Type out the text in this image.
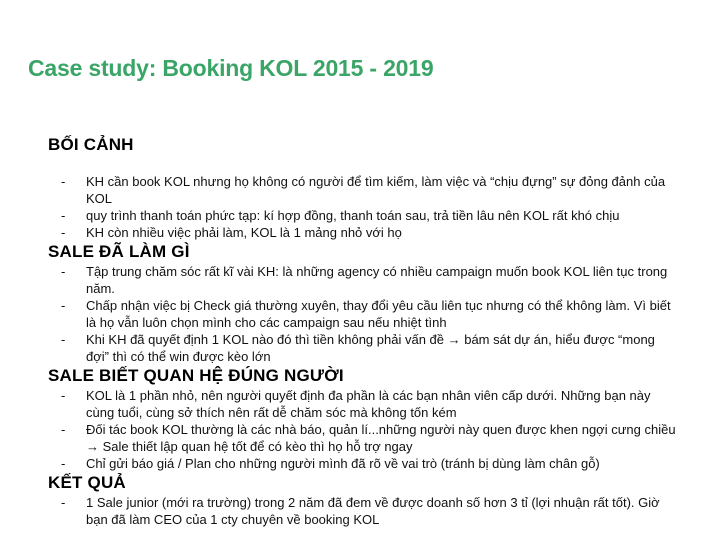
Case study: Booking KOL 2015 - 2019
BỐI CẢNH
- KH cần book KOL nhưng họ không có người để tìm kiếm, làm việc và “chịu đựng” sự đỏng đảnh của KOL
- quy trình thanh toán phức tạp: kí hợp đồng, thanh toán sau, trả tiền lâu nên KOL rất khó chịu
- KH còn nhiều việc phải làm, KOL là 1 mảng nhỏ với họ
SALE ĐÃ LÀM GÌ
- Tập trung chăm sóc rất kĩ vài KH: là những agency có nhiều campaign muốn book KOL liên tục trong năm.
- Chấp nhận việc bị Check giá thường xuyên, thay đổi yêu cầu liên tục nhưng có thể không làm. Vì biết là họ vẫn luôn chọn mình cho các campaign sau nếu nhiệt tình
- Khi KH đã quyết định 1 KOL nào đó thì tiền không phải vấn đề → bám sát dự án, hiểu được “mong đợi” thì có thể win được kèo lớn
SALE BIẾT QUAN HỆ ĐÚNG NGƯỜI
- KOL là 1 phần nhỏ, nên người quyết định đa phần là các bạn nhân viên cấp dưới. Những bạn này cùng tuổi, cùng sở thích nên rất dễ chăm sóc mà không tốn kém
- Đối tác book KOL thường là các nhà báo, quản lí...những người này quen được khen ngợi cưng chiều → Sale thiết lập quan hệ tốt để có kèo thì họ hỗ trợ ngay
- Chỉ gửi báo giá / Plan cho những người mình đã rõ về vai trò (tránh bị dùng làm chân gỗ)
KẾT QUẢ
- 1 Sale junior (mới ra trường) trong 2 năm đã đem về được doanh số hơn 3 tỉ (lợi nhuận rất tốt). Giờ bạn đã làm CEO của 1 cty chuyên về booking KOL
